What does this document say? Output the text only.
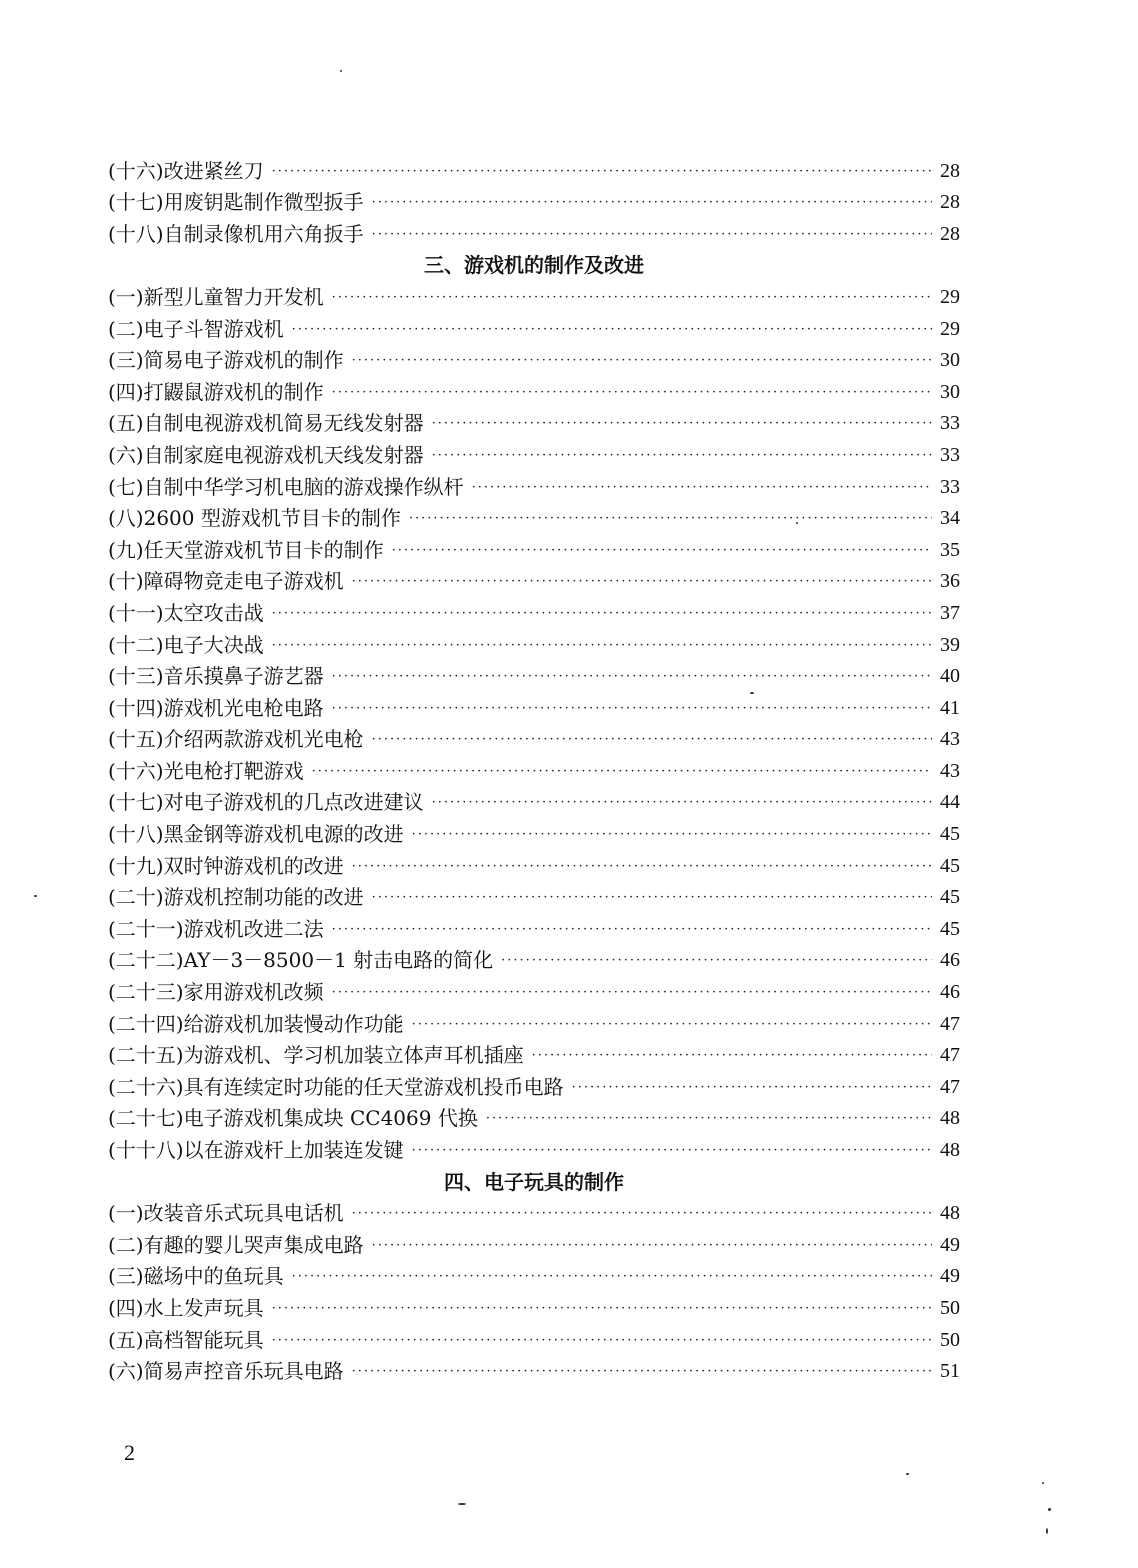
(十六)改进紧丝刀 ·····	28
(十七)用废钥匙制作微型扳手 ·····	28
(十八)自制录像机用六角扳手 ·····	28
三、游戏机的制作及改进
(一)新型儿童智力开发机 ·····	29
(二)电子斗智游戏机 ·····	29
(三)简易电子游戏机的制作 ·····	30
(四)打鼹鼠游戏机的制作 ·····	30
(五)自制电视游戏机简易无线发射器 ·····	33
(六)自制家庭电视游戏机天线发射器 ·····	33
(七)自制中华学习机电脑的游戏操作纵杆 ·····	33
(八)2600 型游戏机节目卡的制作 ·····	34
(九)任天堂游戏机节目卡的制作 ·····	35
(十)障碍物竞走电子游戏机 ·····	36
(十一)太空攻击战 ·····	37
(十二)电子大决战 ·····	39
(十三)音乐摸鼻子游艺器 ·····	40
(十四)游戏机光电枪电路 ·····	41
(十五)介绍两款游戏机光电枪 ·····	43
(十六)光电枪打靶游戏 ·····	43
(十七)对电子游戏机的几点改进建议 ·····	44
(十八)黑金钢等游戏机电源的改进 ·····	45
(十九)双时钟游戏机的改进 ·····	45
(二十)游戏机控制功能的改进 ·····	45
(二十一)游戏机改进二法 ·····	45
(二十二)AY－3－8500－1 射击电路的简化 ·····	46
(二十三)家用游戏机改频 ·····	46
(二十四)给游戏机加装慢动作功能 ·····	47
(二十五)为游戏机、学习机加装立体声耳机插座 ·····	47
(二十六)具有连续定时功能的任天堂游戏机投币电路 ·····	47
(二十七)电子游戏机集成块 CC4069 代换 ·····	48
(十十八)以在游戏杆上加装连发键 ·····	48
四、电子玩具的制作
(一)改装音乐式玩具电话机 ·····	48
(二)有趣的婴儿哭声集成电路 ·····	49
(三)磁场中的鱼玩具 ·····	49
(四)水上发声玩具 ·····	50
(五)高档智能玩具 ·····	50
(六)简易声控音乐玩具电路 ·····	51
2
